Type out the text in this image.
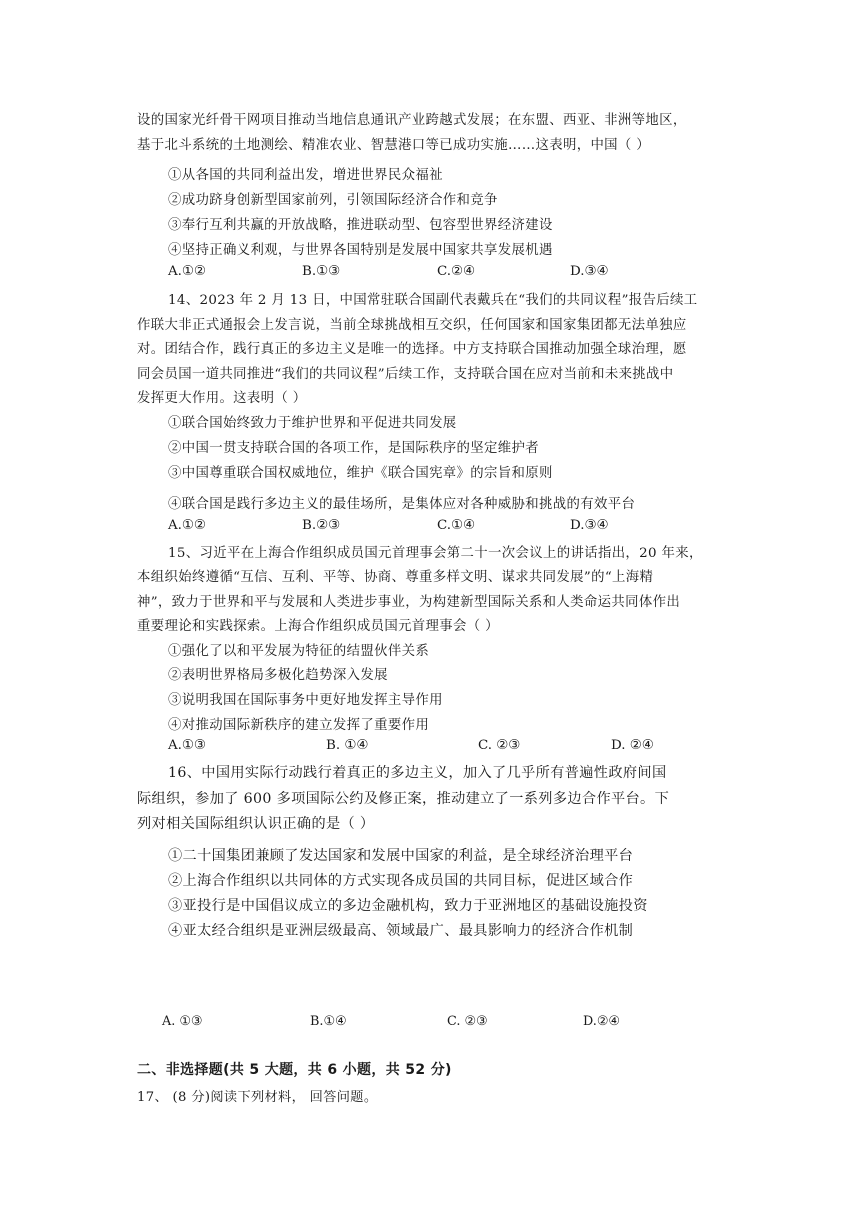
设的国家光纤骨干网项目推动当地信息通讯产业跨越式发展；在东盟、西亚、非洲等地区，
基于北斗系统的土地测绘、精准农业、智慧港口等已成功实施……这表明，中国（ ）
①从各国的共同利益出发，增进世界民众福祉
②成功跻身创新型国家前列，引领国际经济合作和竞争
③奉行互利共赢的开放战略，推进联动型、包容型世界经济建设
④坚持正确义利观，与世界各国特别是发展中国家共享发展机遇
A.①②	B.①③	C.②④	D.③④
14、2023 年 2 月 13 日，中国常驻联合国副代表戴兵在“我们的共同议程”报告后续工
作联大非正式通报会上发言说，当前全球挑战相互交织，任何国家和国家集团都无法单独应
对。团结合作，践行真正的多边主义是唯一的选择。中方支持联合国推动加强全球治理，愿
同会员国一道共同推进“我们的共同议程”后续工作，支持联合国在应对当前和未来挑战中
发挥更大作用。这表明（ ）
①联合国始终致力于维护世界和平促进共同发展
②中国一贯支持联合国的各项工作，是国际秩序的坚定维护者
③中国尊重联合国权威地位，维护《联合国宪章》的宗旨和原则
④联合国是践行多边主义的最佳场所，是集体应对各种威胁和挑战的有效平台
A.①②	B.②③	C.①④	D.③④
15、习近平在上海合作组织成员国元首理事会第二十一次会议上的讲话指出，20 年来，
本组织始终遵循“互信、互利、平等、协商、尊重多样文明、谋求共同发展”的“上海精
神”，致力于世界和平与发展和人类进步事业，为构建新型国际关系和人类命运共同体作出
重要理论和实践探索。上海合作组织成员国元首理事会（ ）
①强化了以和平发展为特征的结盟伙伴关系
②表明世界格局多极化趋势深入发展
③说明我国在国际事务中更好地发挥主导作用
④对推动国际新秩序的建立发挥了重要作用
A.①③	B. ①④	C. ②③	D. ②④
16、中国用实际行动践行着真正的多边主义，加入了几乎所有普遍性政府间国
际组织，参加了 600 多项国际公约及修正案，推动建立了一系列多边合作平台。下
列对相关国际组织认识正确的是（ ）
①二十国集团兼顾了发达国家和发展中国家的利益，是全球经济治理平台
②上海合作组织以共同体的方式实现各成员国的共同目标，促进区域合作
③亚投行是中国倡议成立的多边金融机构，致力于亚洲地区的基础设施投资
④亚太经合组织是亚洲层级最高、领域最广、最具影响力的经济合作机制
A. ①③	B.①④	C. ②③	D.②④
二、非选择题(共 5 大题，共 6 小题，共 52 分)
17、 (8 分)阅读下列材料， 回答问题。
